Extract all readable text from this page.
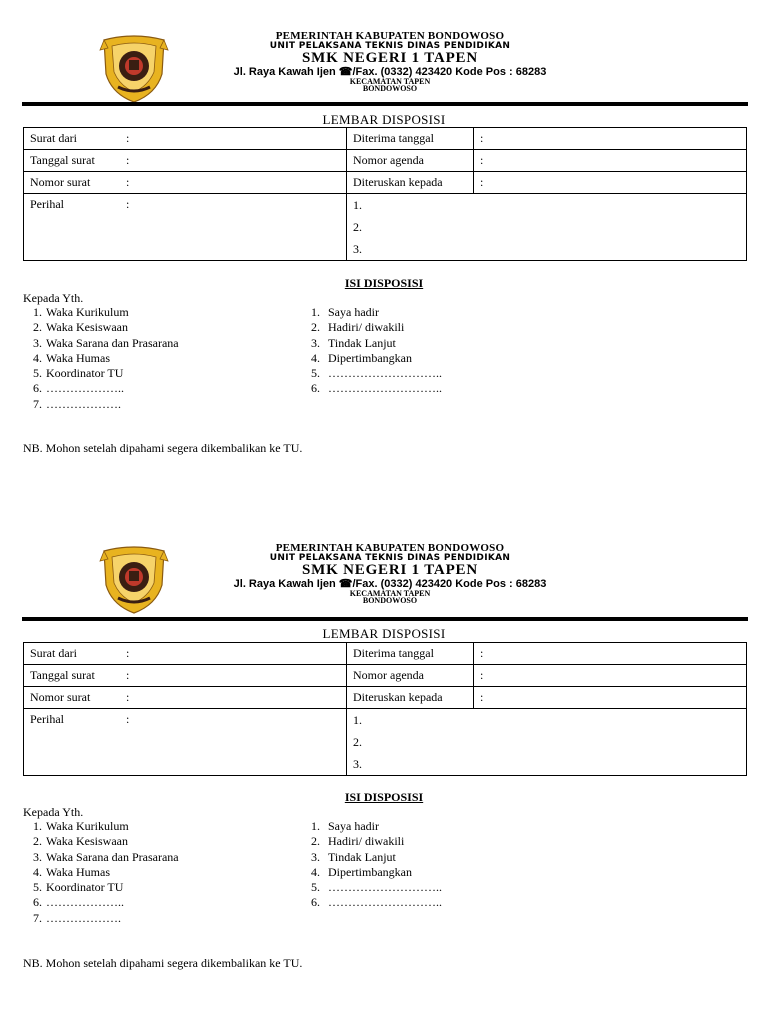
PEMERINTAH KABUPATEN BONDOWOSO
UNIT PELAKSANA TEKNIS DINAS PENDIDIKAN
SMK NEGERI 1 TAPEN
Jl. Raya Kawah Ijen ☎/Fax. (0332) 423420 Kode Pos : 68283
KECAMATAN TAPEN
BONDOWOSO
LEMBAR DISPOSISI
Surat dari :	Diterima tanggal	:
Tanggal surat :	Nomor agenda	:
Nomor surat :	Diteruskan kepada	:
Perihal :	1.
2.
3.	
ISI DISPOSISI
Kepada Yth.
1. Waka Kurikulum
2. Waka Kesiswaan
3. Waka Sarana dan Prasarana
4. Waka Humas
5. Koordinator TU
6. ………………..
7. ……………….
1. Saya hadir
2. Hadiri/ diwakili
3. Tindak Lanjut
4. Dipertimbangkan
5. ………………………..
6. ………………………..
NB. Mohon setelah dipahami segera dikembalikan ke TU.
PEMERINTAH KABUPATEN BONDOWOSO
UNIT PELAKSANA TEKNIS DINAS PENDIDIKAN
SMK NEGERI 1 TAPEN
Jl. Raya Kawah Ijen ☎/Fax. (0332) 423420 Kode Pos : 68283
KECAMATAN TAPEN
BONDOWOSO
LEMBAR DISPOSISI
Surat dari :	Diterima tanggal	:
Tanggal surat :	Nomor agenda	:
Nomor surat :	Diteruskan kepada	:
Perihal :	1.
2.
3.	
ISI DISPOSISI
Kepada Yth.
1. Waka Kurikulum
2. Waka Kesiswaan
3. Waka Sarana dan Prasarana
4. Waka Humas
5. Koordinator TU
6. ………………..
7. ……………….
1. Saya hadir
2. Hadiri/ diwakili
3. Tindak Lanjut
4. Dipertimbangkan
5. ………………………..
6. ………………………..
NB. Mohon setelah dipahami segera dikembalikan ke TU.
